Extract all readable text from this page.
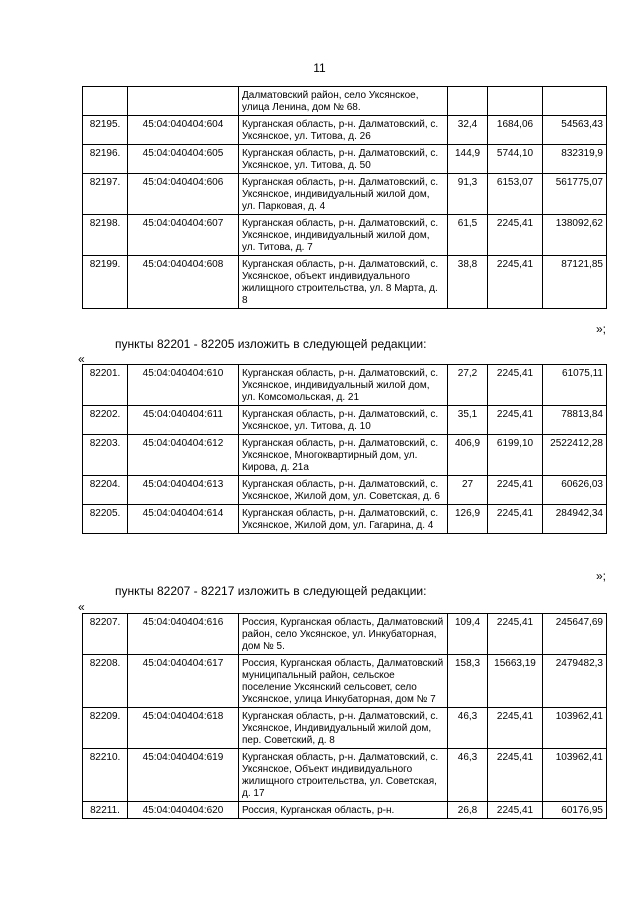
11
		Далматовский район, село Уксянское, улица Ленина, дом № 68.			
82195.	45:04:040404:604	Курганская область, р-н. Далматовский, с. Уксянское, ул. Титова, д. 26	32,4	1684,06	54563,43
82196.	45:04:040404:605	Курганская область, р-н. Далматовский, с. Уксянское, ул. Титова, д. 50	144,9	5744,10	832319,9
82197.	45:04:040404:606	Курганская область, р-н. Далматовский, с. Уксянское, индивидуальный жилой дом, ул. Парковая, д. 4	91,3	6153,07	561775,07
82198.	45:04:040404:607	Курганская область, р-н. Далматовский, с. Уксянское, индивидуальный жилой дом, ул. Титова, д. 7	61,5	2245,41	138092,62
82199.	45:04:040404:608	Курганская область, р-н. Далматовский, с. Уксянское, объект индивидуального жилищного строительства, ул. 8 Марта, д. 8	38,8	2245,41	87121,85
»;
пункты 82201 - 82205 изложить в следующей редакции:
«
82201.	45:04:040404:610	Курганская область, р-н. Далматовский, с. Уксянское, индивидуальный жилой дом, ул. Комсомольская, д. 21	27,2	2245,41	61075,11
82202.	45:04:040404:611	Курганская область, р-н. Далматовский, с. Уксянское, ул. Титова, д. 10	35,1	2245,41	78813,84
82203.	45:04:040404:612	Курганская область, р-н. Далматовский, с. Уксянское, Многоквартирный дом, ул. Кирова, д. 21а	406,9	6199,10	2522412,28
82204.	45:04:040404:613	Курганская область, р-н. Далматовский, с. Уксянское, Жилой дом, ул. Советская, д. 6	27	2245,41	60626,03
82205.	45:04:040404:614	Курганская область, р-н. Далматовский, с. Уксянское, Жилой дом, ул. Гагарина, д. 4	126,9	2245,41	284942,34
»;
пункты 82207 - 82217 изложить в следующей редакции:
«
82207.	45:04:040404:616	Россия, Курганская область, Далматовский район, село Уксянское, ул. Инкубаторная, дом № 5.	109,4	2245,41	245647,69
82208.	45:04:040404:617	Россия, Курганская область, Далматовский муниципальный район, сельское поселение Уксянский сельсовет, село Уксянское, улица Инкубаторная, дом № 7	158,3	15663,19	2479482,3
82209.	45:04:040404:618	Курганская область, р-н. Далматовский, с. Уксянское, Индивидуальный жилой дом, пер. Советский, д. 8	46,3	2245,41	103962,41
82210.	45:04:040404:619	Курганская область, р-н. Далматовский, с. Уксянское, Объект индивидуального жилищного строительства, ул. Советская, д. 17	46,3	2245,41	103962,41
82211.	45:04:040404:620	Россия, Курганская область, р-н.	26,8	2245,41	60176,95
